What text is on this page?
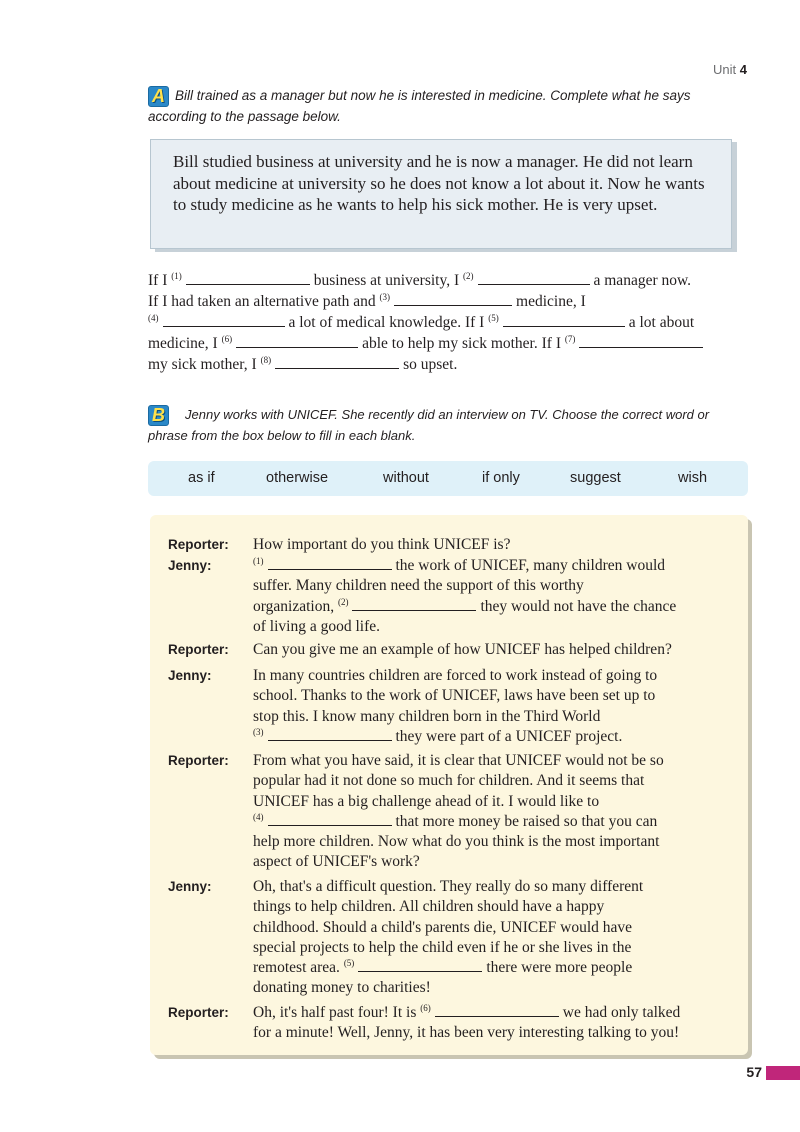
Unit 4
A Bill trained as a manager but now he is interested in medicine. Complete what he says according to the passage below.
Bill studied business at university and he is now a manager. He did not learn about medicine at university so he does not know a lot about it. Now he wants to study medicine as he wants to help his sick mother. He is very upset.
If I $^{(1)}$	business at university, I $^{(2)}$	a manager now.
If I had taken an alternative path and $^{(3)}$	medicine, I
$^{(4)}$	a lot of medical knowledge. If I $^{(5)}$	a lot about
medicine, I $^{(6)}$	able to help my sick mother. If I $^{(7)}$
my sick mother, I $^{(8)}$	so upset.
B Jenny works with UNICEF. She recently did an interview on TV. Choose the correct word or phrase from the box below to fill in each blank.
as if	otherwise	without	if only	suggest	wish
Reporter: How important do you think UNICEF is?
Jenny:	$^{(1)}$	the work of UNICEF, many children would
suffer. Many children need the support of this worthy
organization, $^{(2)}$	they would not have the chance
of living a good life.
Reporter: Can you give me an example of how UNICEF has helped children?
Jenny:	In many countries children are forced to work instead of going to
school. Thanks to the work of UNICEF, laws have been set up to
stop this. I know many children born in the Third World
$^{(3)}$	they were part of a UNICEF project.
Reporter: From what you have said, it is clear that UNICEF would not be so
popular had it not done so much for children. And it seems that
UNICEF has a big challenge ahead of it. I would like to
$^{(4)}$	that more money be raised so that you can
help more children. Now what do you think is the most important
aspect of UNICEF's work?
Jenny:	Oh, that's a difficult question. They really do so many different
things to help children. All children should have a happy
childhood. Should a child's parents die, UNICEF would have
special projects to help the child even if he or she lives in the
remotest area. $^{(5)}$	there were more people
donating money to charities!
Reporter: Oh, it's half past four! It is $^{(6)}$	we had only talked
for a minute! Well, Jenny, it has been very interesting talking to you!
57
